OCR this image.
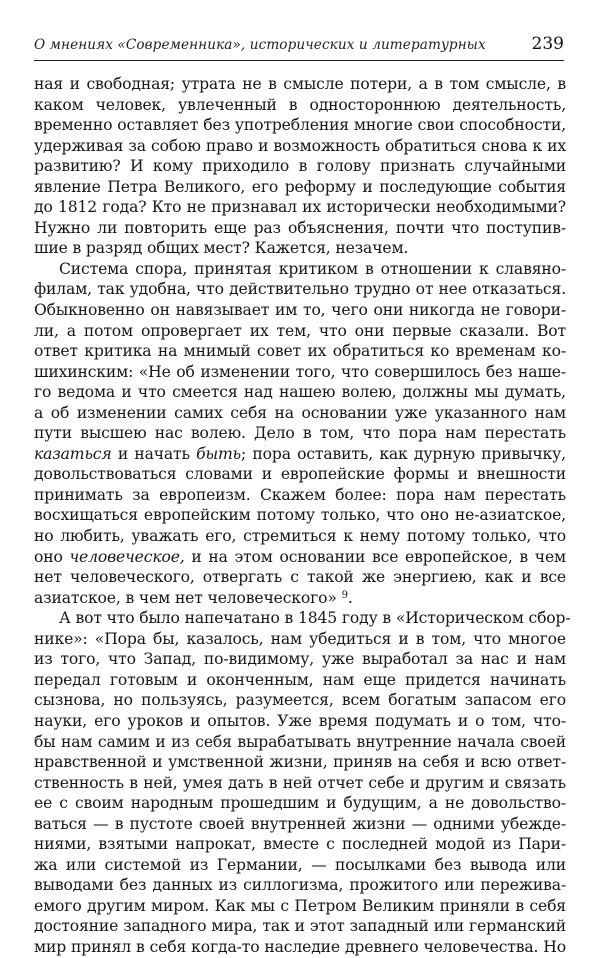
О мнениях «Современника», исторических и литературных	239

ная и свободная; утрата не в смысле потери, а в том смысле, в
каком человек, увлеченный в одностороннюю деятельность,
временно оставляет без употребления многие свои способности,
удерживая за собою право и возможность обратиться снова к их
развитию? И кому приходило в голову признать случайными
явление Петра Великого, его реформу и последующие события
до 1812 года? Кто не признавал их исторически необходимыми?
Нужно ли повторить еще раз объяснения, почти что поступив-
шие в разряд общих мест? Кажется, незачем.

Система спора, принятая критиком в отношении к славяно-
филам, так удобна, что действительно трудно от нее отказаться.
Обыкновенно он навязывает им то, чего они никогда не говори-
ли, а потом опровергает их тем, что они первые сказали. Вот
ответ критика на мнимый совет их обратиться ко временам ко-
шихинским: «Не об изменении того, что совершилось без наше-
го ведома и что смеется над нашею волею, должны мы думать,
а об изменении самих себя на основании уже указанного нам
пути высшею нас волею. Дело в том, что пора нам перестать
казаться и начать быть; пора оставить, как дурную привычку,
довольствоваться словами и европейские формы и внешности
принимать за европеизм. Скажем более: пора нам перестать
восхищаться европейским потому только, что оно не-азиатское,
но любить, уважать его, стремиться к нему потому только, что
оно человеческое, и на этом основании все европейское, в чем
нет человеческого, отвергать с такой же энергиею, как и все
азиатское, в чем нет человеческого» $^9$.

А вот что было напечатано в 1845 году в «Историческом сбор-
нике»: «Пора бы, казалось, нам убедиться и в том, что многое
из того, что Запад, по-видимому, уже выработал за нас и нам
передал готовым и оконченным, нам еще придется начинать
сызнова, но пользуясь, разумеется, всем богатым запасом его
науки, его уроков и опытов. Уже время подумать и о том, что-
бы нам самим и из себя вырабатывать внутренние начала своей
нравственной и умственной жизни, приняв на себя и всю ответ-
ственность в ней, умея дать в ней отчет себе и другим и связать
ее с своим народным прошедшим и будущим, а не довольство-
ваться — в пустоте своей внутренней жизни — одними убежде-
ниями, взятыми напрокат, вместе с последней модой из Пари-
жа или системой из Германии, — посылками без вывода или
выводами без данных из силлогизма, прожитого или пережива-
емого другим миром. Как мы с Петром Великим приняли в себя
достояние западного мира, так и этот западный или германский
мир принял в себя когда-то наследие древнего человечества. Но
